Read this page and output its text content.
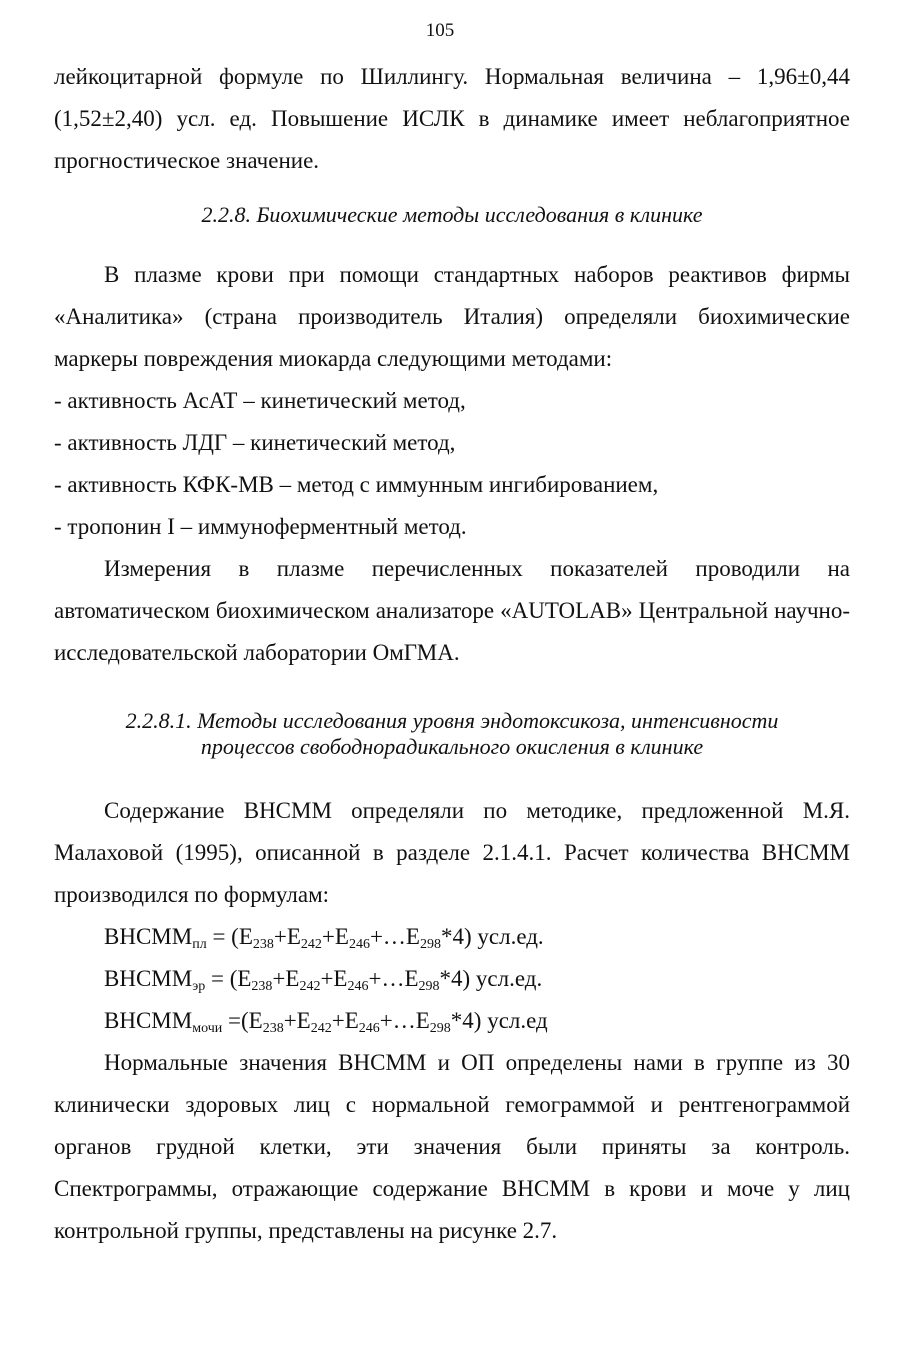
105

лейкоцитарной формуле по Шиллингу. Нормальная величина – 1,96±0,44 (1,52±2,40) усл. ед. Повышение ИСЛК в динамике имеет неблагоприятное прогностическое значение.

2.2.8. Биохимические методы исследования в клинике

В плазме крови при помощи стандартных наборов реактивов фирмы «Аналитика» (страна производитель Италия) определяли биохимические маркеры повреждения миокарда следующими методами:

- активность АсАТ – кинетический метод,

- активность ЛДГ – кинетический метод,

- активность КФК-МВ – метод с иммунным ингибированием,

- тропонин I – иммуноферментный метод.

Измерения в плазме перечисленных показателей проводили на автоматическом биохимическом анализаторе «AUTOLAB» Центральной научно-исследовательской лаборатории ОмГМА.

2.2.8.1. Методы исследования уровня эндотоксикоза, интенсивности

процессов свободнорадикального окисления в клинике

Содержание ВНСММ определяли по методике, предложенной М.Я. Малаховой (1995), описанной в разделе 2.1.4.1. Расчет количества ВНСММ производился по формулам:

$ВНСММ_{пл}$ = $(E_{238}+E_{242}+E_{246}+\dots E_{298}*4)$ усл.ед.
$ВНСММ_{эр}$ = $(E_{238}+E_{242}+E_{246}+\dots E_{298}*4)$ усл.ед.
$ВНСММ_{мочи}$ $=(E_{238}+E_{242}+E_{246}+\dots E_{298}*4)$ усл.ед

Нормальные значения ВНСММ и ОП определены нами в группе из 30 клинически здоровых лиц с нормальной гемограммой и рентгенограммой органов грудной клетки, эти значения были приняты за контроль. Спектрограммы, отражающие содержание ВНСММ в крови и моче у лиц контрольной группы, представлены на рисунке 2.7.
